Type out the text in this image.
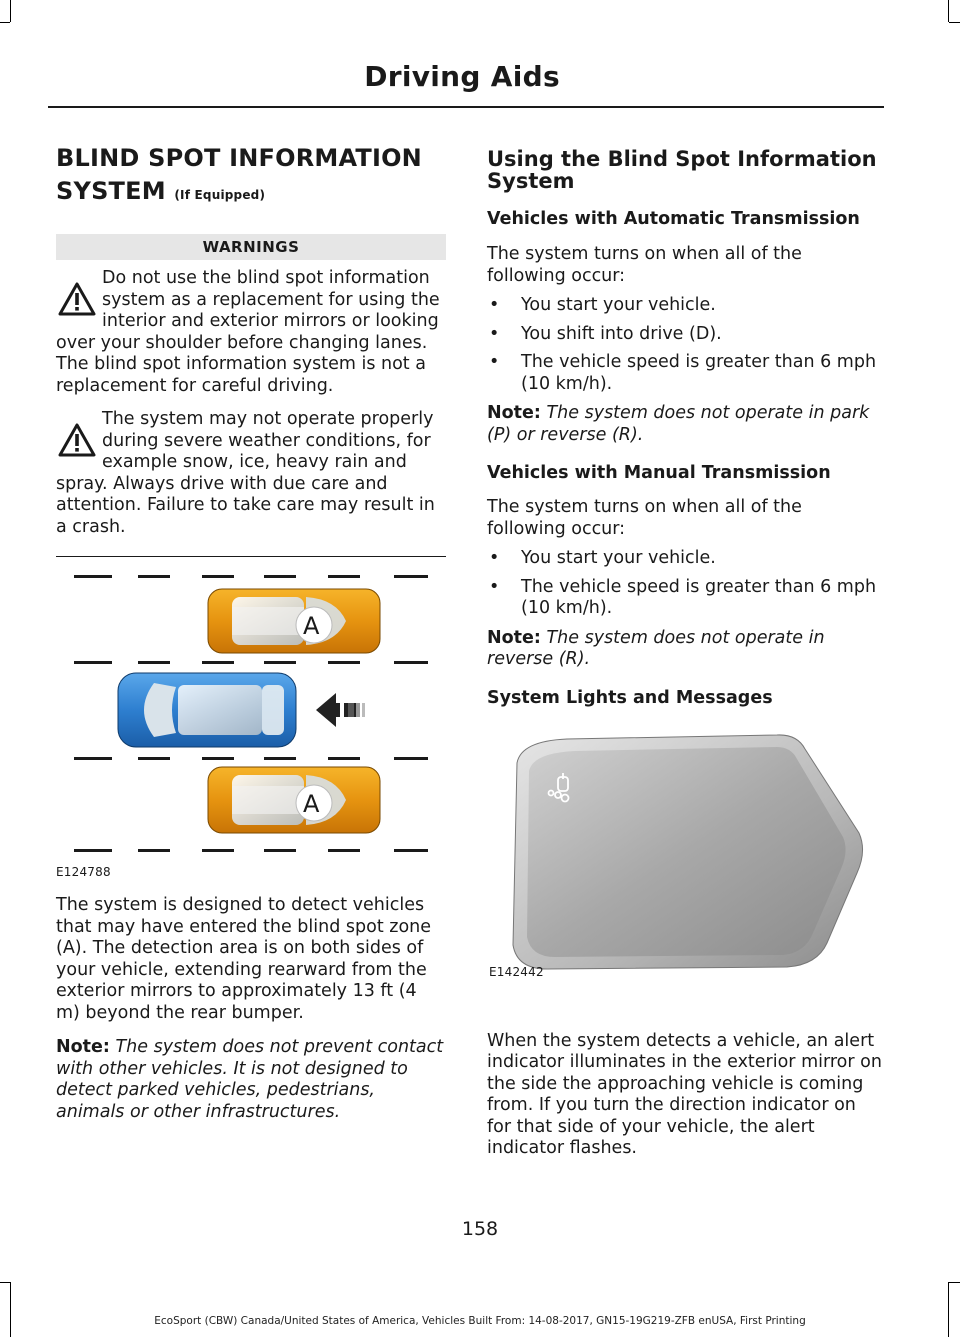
Driving Aids
BLIND SPOT INFORMATION
SYSTEM (If Equipped)
WARNINGS
Do not use the blind spot information system as a replacement for using the interior and exterior mirrors or looking over your shoulder before changing lanes. The blind spot information system is not a replacement for careful driving.
The system may not operate properly during severe weather conditions, for example snow, ice, heavy rain and spray. Always drive with due care and attention. Failure to take care may result in a crash.
A
A
E124788

The system is designed to detect vehicles that may have entered the blind spot zone (A). The detection area is on both sides of your vehicle, extending rearward from the exterior mirrors to approximately 13 ft (4 m) beyond the rear bumper.

Note: The system does not prevent contact with other vehicles. It is not designed to detect parked vehicles, pedestrians, animals or other infrastructures.

Using the Blind Spot Information System
Vehicles with Automatic Transmission

The system turns on when all of the following occur:

• You start your vehicle.
• You shift into drive (D).
• The vehicle speed is greater than 6 mph (10 km/h).

Note: The system does not operate in park (P) or reverse (R).

Vehicles with Manual Transmission

The system turns on when all of the following occur:

• You start your vehicle.
• The vehicle speed is greater than 6 mph (10 km/h).

Note: The system does not operate in reverse (R).

System Lights and Messages
E142442

When the system detects a vehicle, an alert indicator illuminates in the exterior mirror on the side the approaching vehicle is coming from. If you turn the direction indicator on for that side of your vehicle, the alert indicator flashes.

158
EcoSport (CBW) Canada/United States of America, Vehicles Built From: 14-08-2017, GN15-19G219-ZFB enUSA, First Printing
